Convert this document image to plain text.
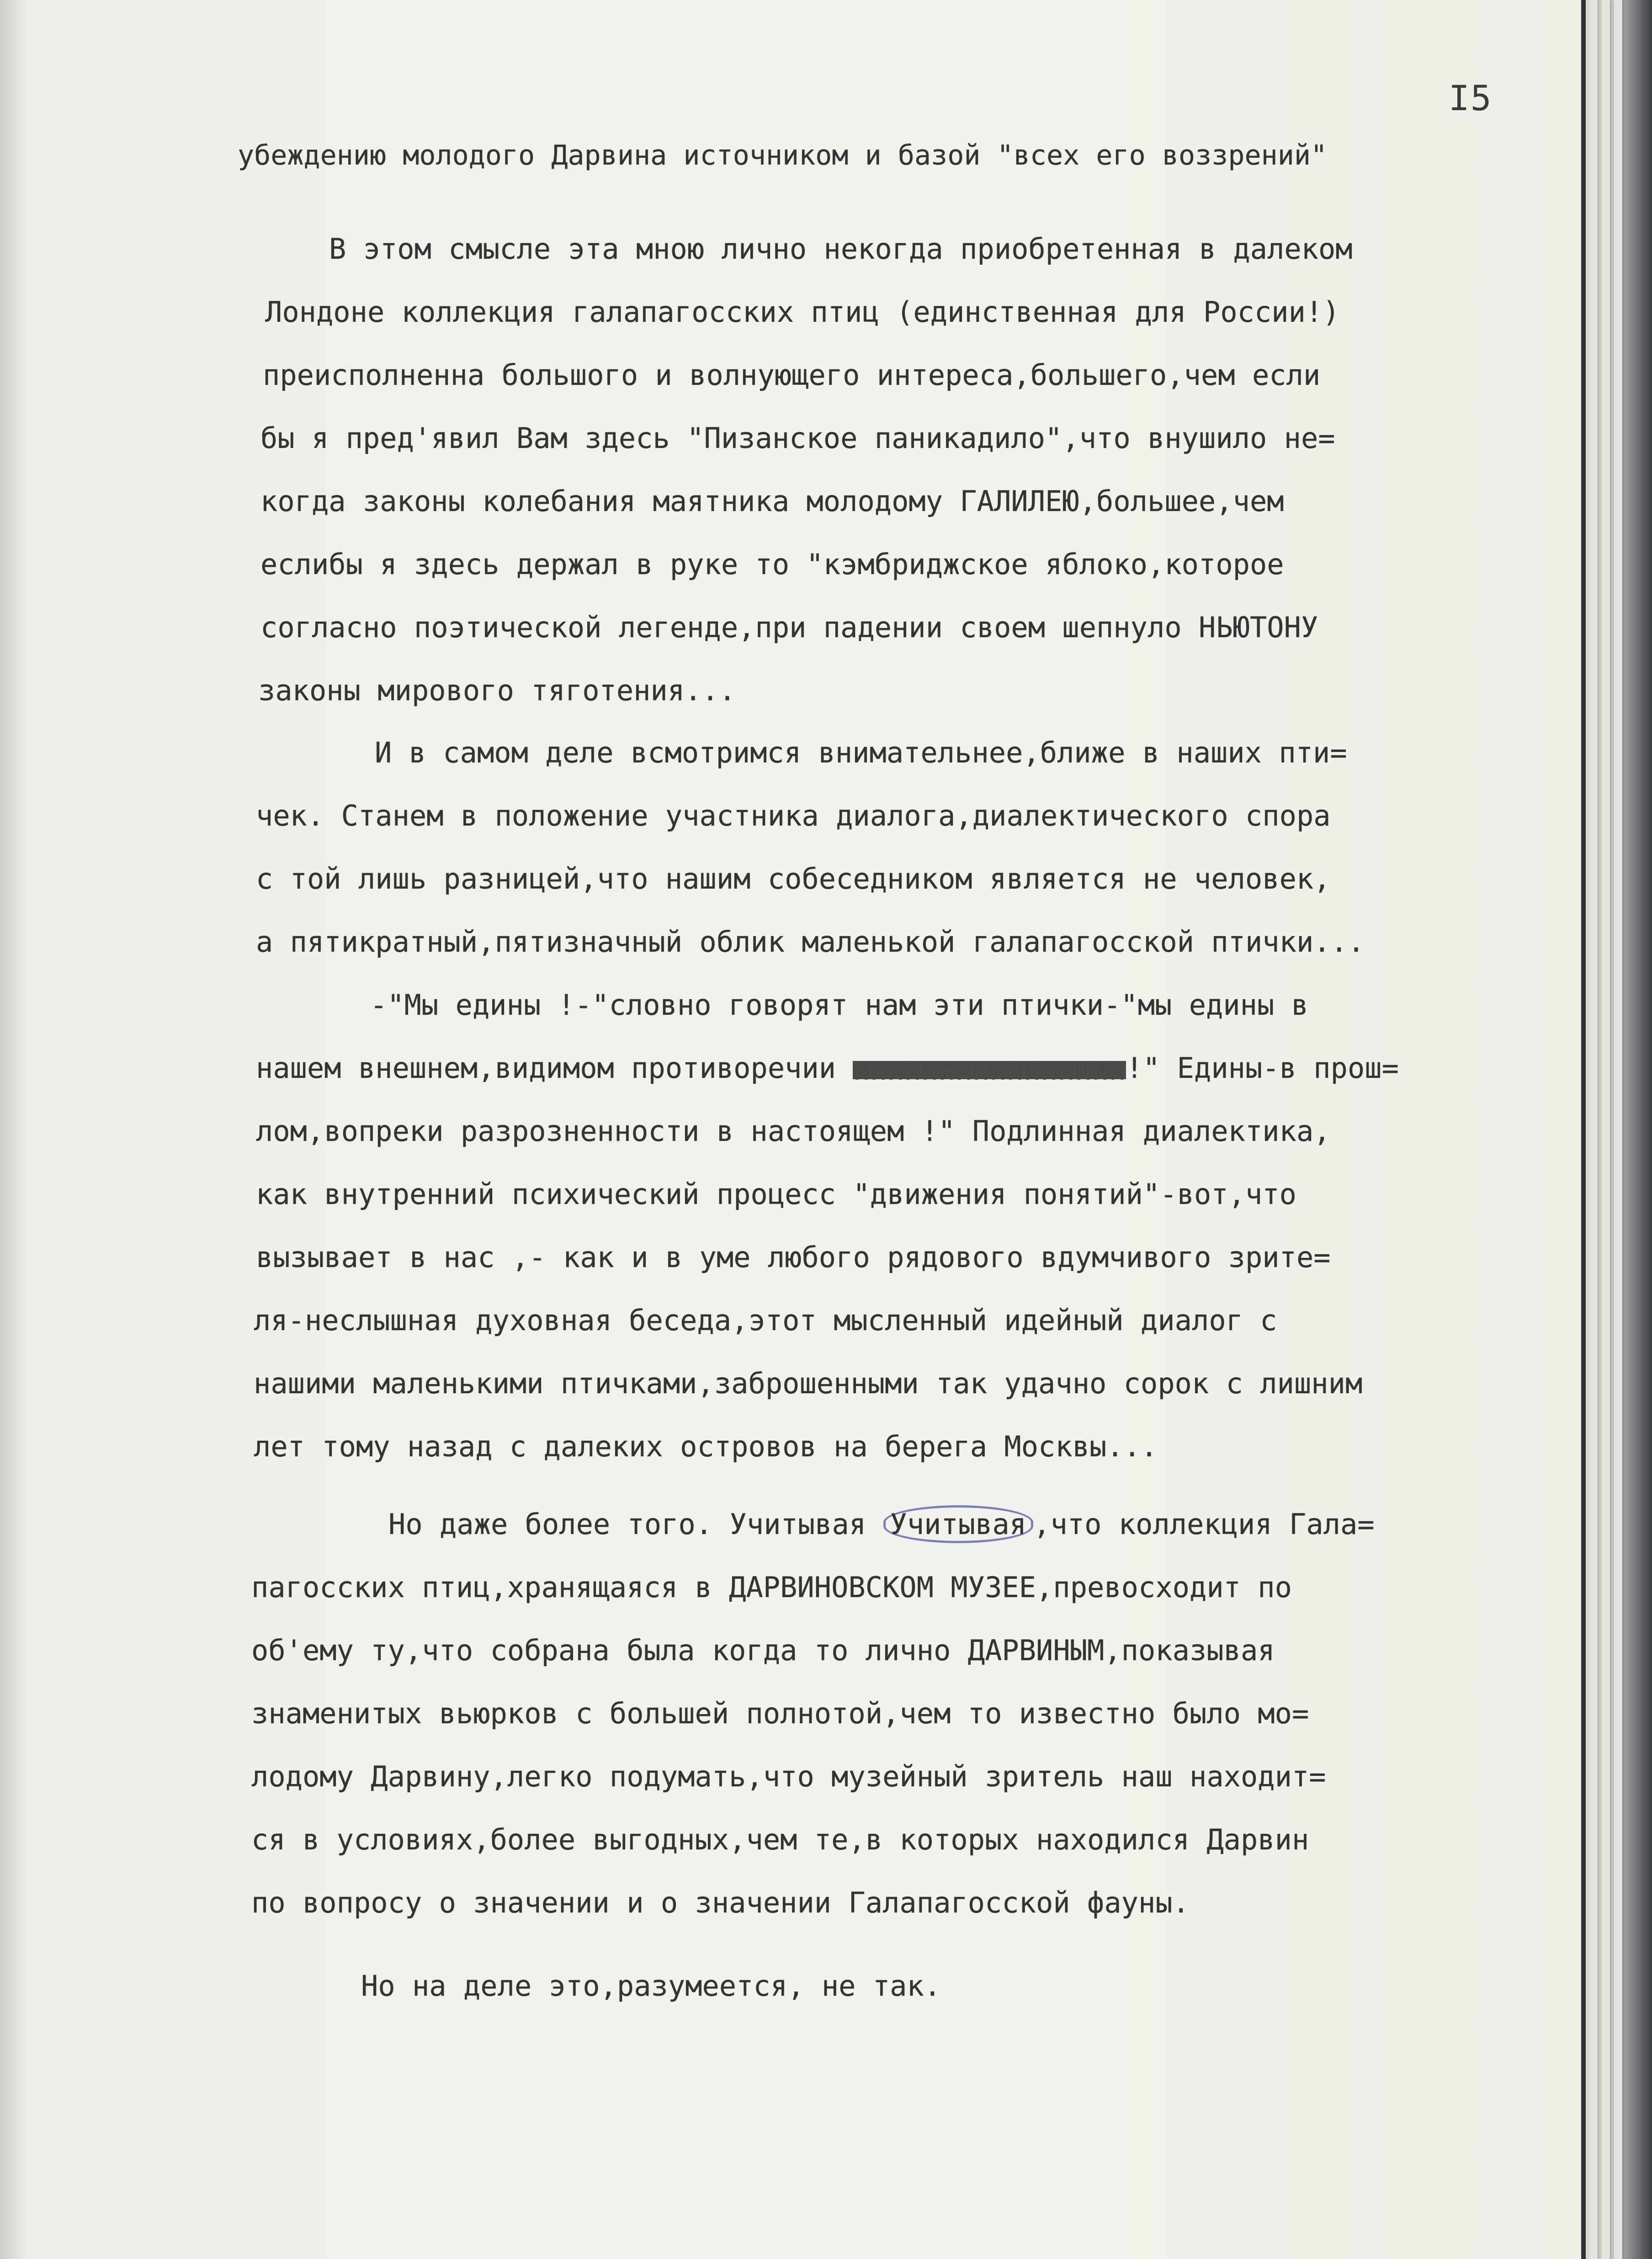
I5

убеждению молодого Дарвина источником и базой "всех его воззрений"

В этом смысле эта мною лично некогда приобретенная в далеком

Лондоне коллекция галапагосских птиц (единственная для России!)

преисполненна большого и волнующего интереса,большего,чем если

бы я пред'явил Вам здесь "Пизанское паникадило",что внушило не=

когда законы колебания маятника молодому ГАЛИЛЕЮ,большее,чем

еслибы я здесь держал в руке то "кэмбриджское яблоко,которое

согласно поэтической легенде,при падении своем шепнуло НЬЮТОНУ

законы мирового тяготения...

И в самом деле всмотримся внимательнее,ближе в наших пти=

чек. Станем в положение участника диалога,диалектического спора

с той лишь разницей,что нашим собеседником является не человек,

а пятикратный,пятизначный облик маленькой галапагосской птички...

-"Мы едины !-"словно говорят нам эти птички-"мы едины в

нашем внешнем,видимом противоречии ииииииииииииииии!" Едины-в прош=

лом,вопреки разрозненности в настоящем !" Подлинная диалектика,

как внутренний психический процесс "движения понятий"-вот,что

вызывает в нас ,- как и в уме любого рядового вдумчивого зрите=

ля-неслышная духовная беседа,этот мысленный идейный диалог с

нашими маленькими птичками,заброшенными так удачно сорок с лишним

лет тому назад с далеких островов на берега Москвы...

Но даже более того. Учитывая Учитывая ,что коллекция Гала=

пагосских птиц,хранящаяся в ДАРВИНОВСКОМ МУЗЕЕ,превосходит по

об'ему ту,что собрана была когда то лично ДАРВИНЫМ,показывая

знаменитых вьюрков с большей полнотой,чем то известно было мо=

лодому Дарвину,легко подумать,что музейный зритель наш находит=

ся в условиях,более выгодных,чем те,в которых находился Дарвин

по вопросу о значении и о значении Галапагосской фауны.

Но на деле это,разумеется, не так.
